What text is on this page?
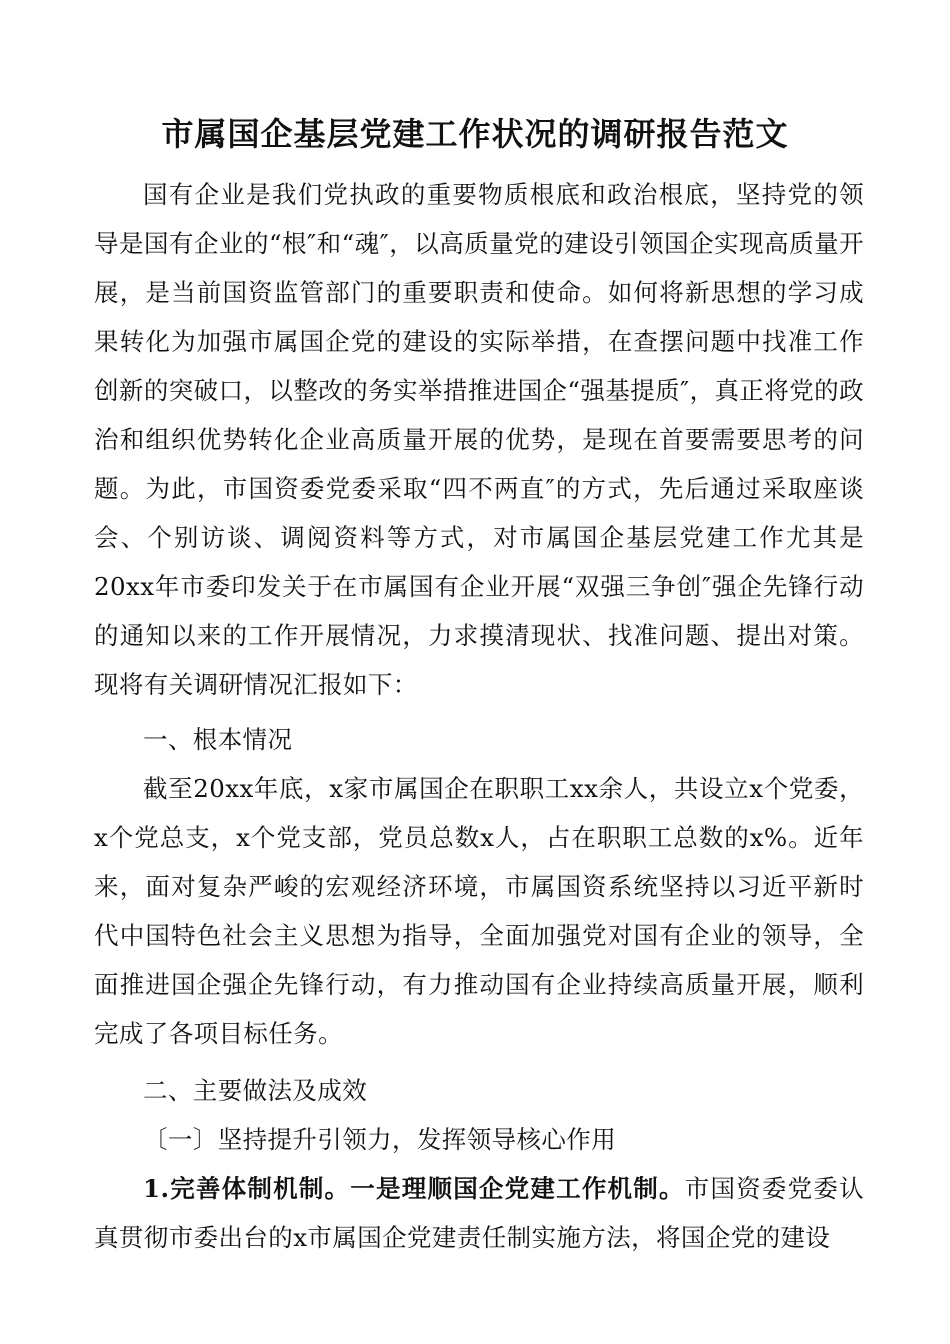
市属国企基层党建工作状况的调研报告范文

国有企业是我们党执政的重要物质根底和政治根底，坚持党的领导是国有企业的“根″和“魂″，以高质量党的建设引领国企实现高质量开展，是当前国资监管部门的重要职责和使命。如何将新思想的学习成果转化为加强市属国企党的建设的实际举措，在查摆问题中找准工作创新的突破口，以整改的务实举措推进国企“强基提质″，真正将党的政治和组织优势转化企业高质量开展的优势，是现在首要需要思考的问题。为此，市国资委党委采取“四不两直″的方式，先后通过采取座谈会、个别访谈、调阅资料等方式，对市属国企基层党建工作尤其是20xx年市委印发关于在市属国有企业开展“双强三争创″强企先锋行动的通知以来的工作开展情况，力求摸清现状、找准问题、提出对策。现将有关调研情况汇报如下：

一、根本情况

截至20xx年底，x家市属国企在职职工xx余人，共设立x个党委，x个党总支，x个党支部，党员总数x人，占在职职工总数的x%。近年来，面对复杂严峻的宏观经济环境，市属国资系统坚持以习近平新时代中国特色社会主义思想为指导，全面加强党对国有企业的领导，全面推进国企强企先锋行动，有力推动国有企业持续高质量开展，顺利完成了各项目标任务。

二、主要做法及成效

〔一〕坚持提升引领力，发挥领导核心作用

1.完善体制机制。一是理顺国企党建工作机制。市国资委党委认真贯彻市委出台的x市属国企党建责任制实施方法，将国企党的建设
